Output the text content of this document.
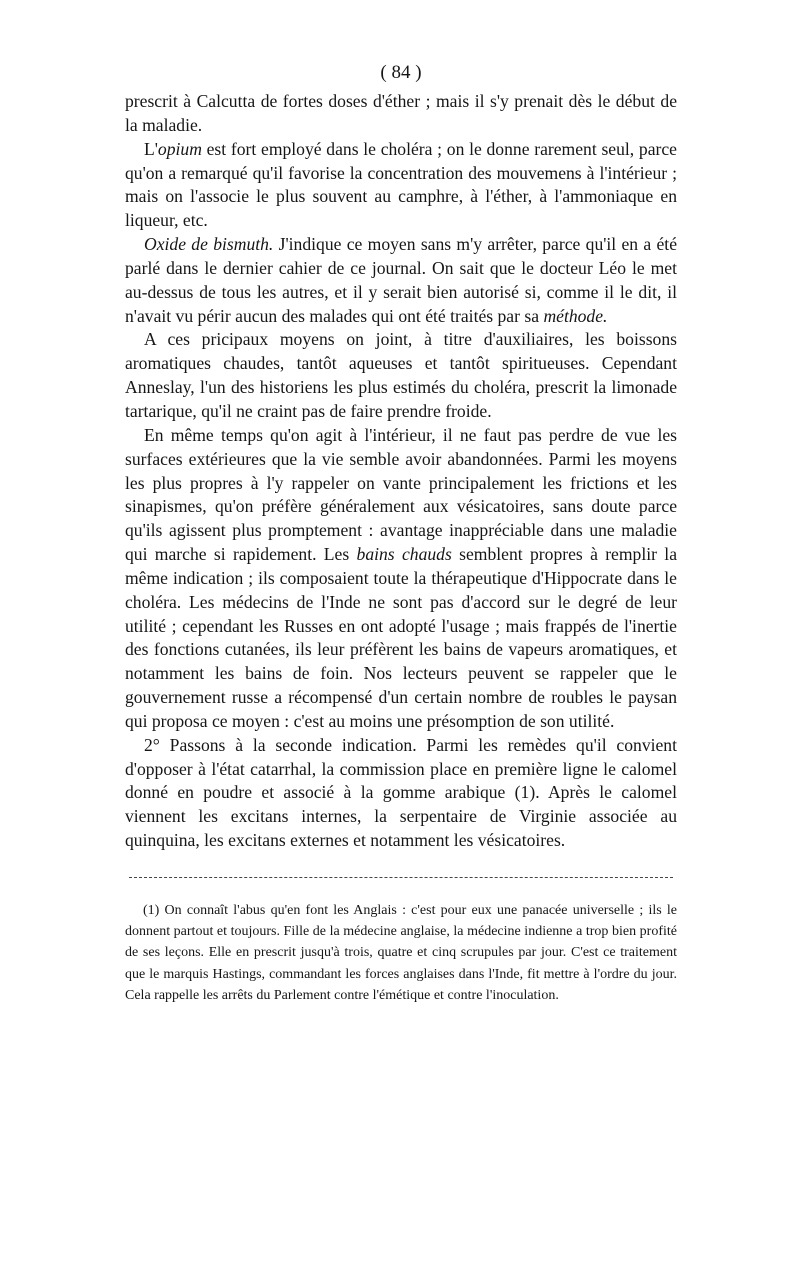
( 84 )

prescrit à Calcutta de fortes doses d'éther ; mais il s'y prenait dès le début de la maladie.

L'opium est fort employé dans le choléra ; on le donne rarement seul, parce qu'on a remarqué qu'il favorise la concentration des mouvemens à l'intérieur ; mais on l'associe le plus souvent au camphre, à l'éther, à l'ammoniaque en liqueur, etc.

Oxide de bismuth. J'indique ce moyen sans m'y arrêter, parce qu'il en a été parlé dans le dernier cahier de ce journal. On sait que le docteur Léo le met au-dessus de tous les autres, et il y serait bien autorisé si, comme il le dit, il n'avait vu périr aucun des malades qui ont été traités par sa méthode.

A ces pricipaux moyens on joint, à titre d'auxiliaires, les boissons aromatiques chaudes, tantôt aqueuses et tantôt spiritueuses. Cependant Anneslay, l'un des historiens les plus estimés du choléra, prescrit la limonade tartarique, qu'il ne craint pas de faire prendre froide.

En même temps qu'on agit à l'intérieur, il ne faut pas perdre de vue les surfaces extérieures que la vie semble avoir abandonnées. Parmi les moyens les plus propres à l'y rappeler on vante principalement les frictions et les sinapismes, qu'on préfère généralement aux vésicatoires, sans doute parce qu'ils agissent plus promptement : avantage inappréciable dans une maladie qui marche si rapidement. Les bains chauds semblent propres à remplir la même indication ; ils composaient toute la thérapeutique d'Hippocrate dans le choléra. Les médecins de l'Inde ne sont pas d'accord sur le degré de leur utilité ; cependant les Russes en ont adopté l'usage ; mais frappés de l'inertie des fonctions cutanées, ils leur préfèrent les bains de vapeurs aromatiques, et notamment les bains de foin. Nos lecteurs peuvent se rappeler que le gouvernement russe a récompensé d'un certain nombre de roubles le paysan qui proposa ce moyen : c'est au moins une présomption de son utilité.

2° Passons à la seconde indication. Parmi les remèdes qu'il convient d'opposer à l'état catarrhal, la commission place en première ligne le calomel donné en poudre et associé à la gomme arabique (1). Après le calomel viennent les excitans internes, la serpentaire de Virginie associée au quinquina, les excitans externes et notamment les vésicatoires.

(1) On connaît l'abus qu'en font les Anglais : c'est pour eux une panacée universelle ; ils le donnent partout et toujours. Fille de la médecine anglaise, la médecine indienne a trop bien profité de ses leçons. Elle en prescrit jusqu'à trois, quatre et cinq scrupules par jour. C'est ce traitement que le marquis Hastings, commandant les forces anglaises dans l'Inde, fit mettre à l'ordre du jour. Cela rappelle les arrêts du Parlement contre l'émétique et contre l'inoculation.
